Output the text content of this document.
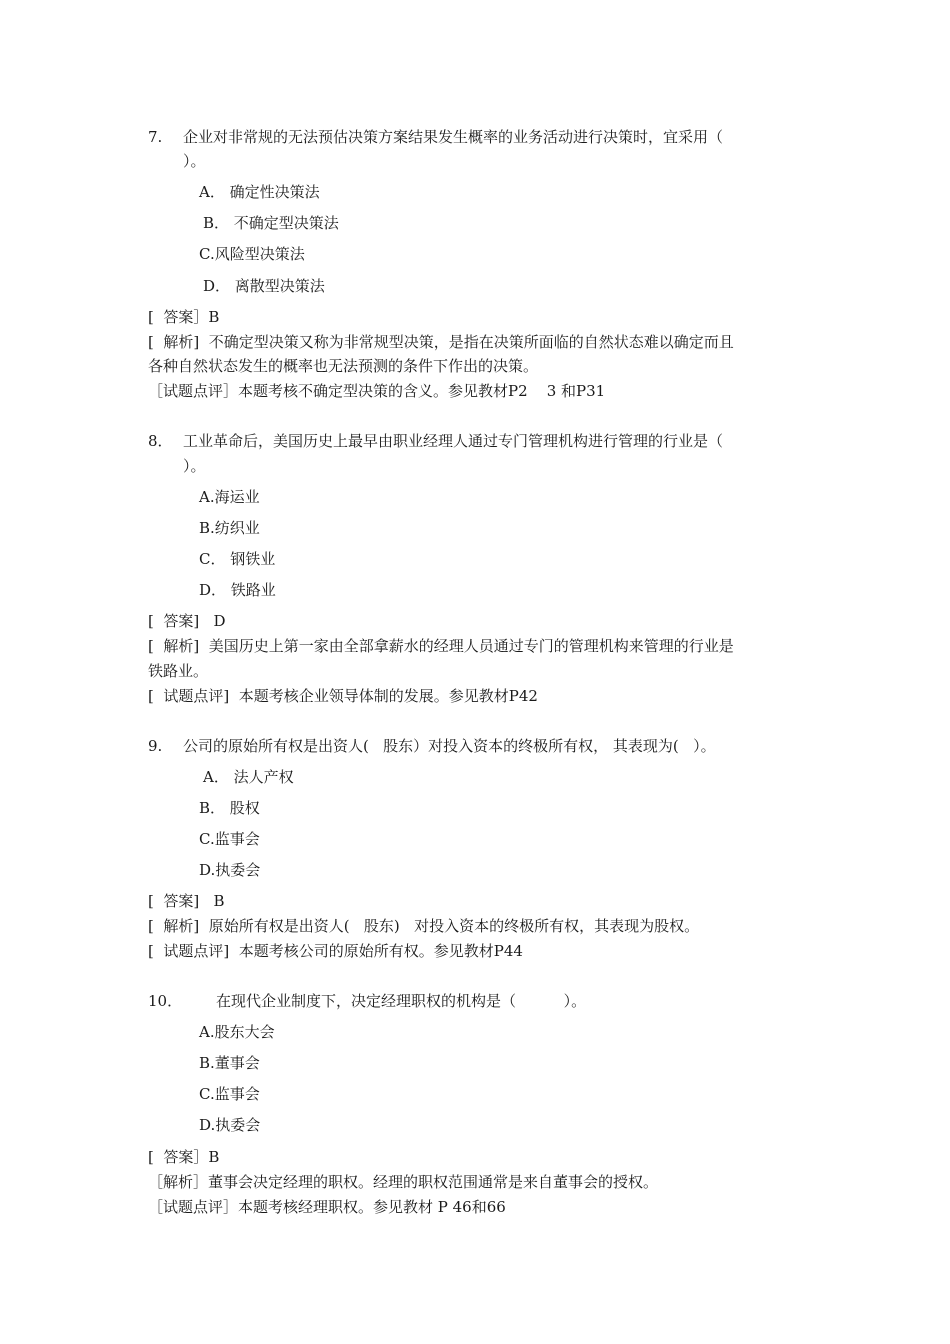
7. 企业对非常规的无法预估决策方案结果发生概率的业务活动进行决策时，宜采用（

）。

A． 确定性决策法

B． 不确定型决策法

C.风险型决策法

D． 离散型决策法

[  答案］B

[  解析]  不确定型决策又称为非常规型决策，是指在决策所面临的自然状态难以确定而且

各种自然状态发生的概率也无法预测的条件下作出的决策。

［试题点评］本题考核不确定型决策的含义。参见教材P2    3 和P31

8． 工业革命后，美国历史上最早由职业经理人通过专门管理机构进行管理的行业是（

）。

A.海运业

B.纺织业

C． 钢铁业

D． 铁路业

[  答案]   D

[  解析]  美国历史上第一家由全部拿薪水的经理人员通过专门的管理机构来管理的行业是

铁路业。

[  试题点评]  本题考核企业领导体制的发展。参见教材P42

9. 公司的原始所有权是出资人(   股东）对投入资本的终极所有权， 其表现为(   ）。

A． 法人产权

B． 股权

C.监事会

D.执委会

[  答案]   B

[  解析]  原始所有权是出资人(   股东)   对投入资本的终极所有权，其表现为股权。

[  试题点评]  本题考核公司的原始所有权。参见教材P44

10． 在现代企业制度下，决定经理职权的机构是（          ）。

A.股东大会

B.董事会

C.监事会

D.执委会

[  答案］B

［解析］董事会决定经理的职权。经理的职权范围通常是来自董事会的授权。

［试题点评］本题考核经理职权。参见教材 P 46和66
